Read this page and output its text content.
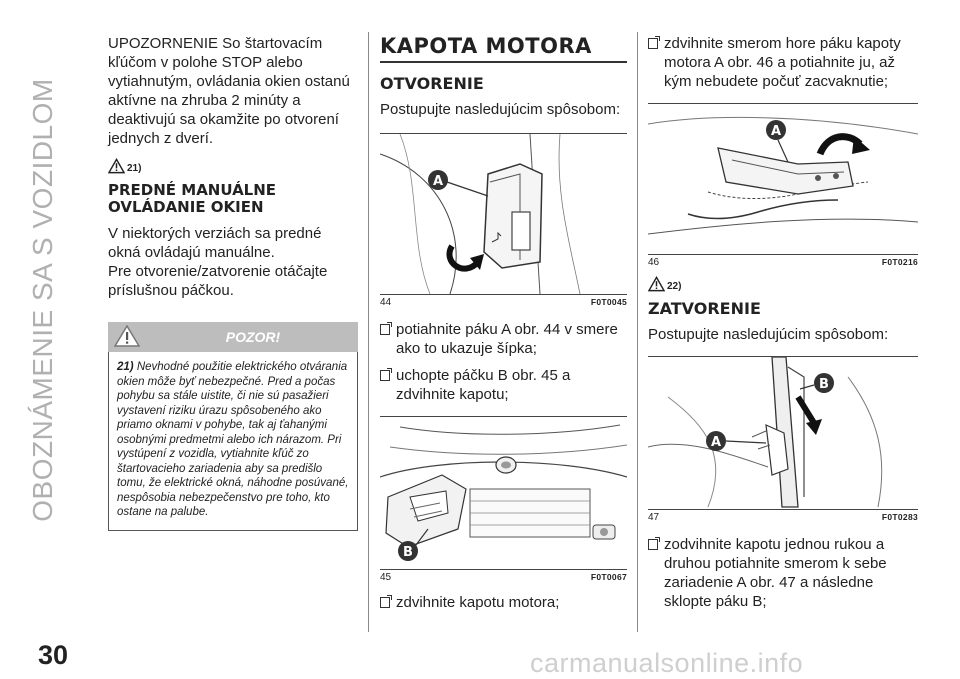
OBOZNÁMENIE SA S VOZIDLOM

UPOZORNENIE So štartovacím kľúčom v polohe STOP alebo vytiahnutým, ovládania okien ostanú aktívne na zhruba 2 minúty a deaktivujú sa okamžite po otvorení jednych z dverí.

21)
PREDNÉ MANUÁLNE OVLÁDANIE OKIEN

V niektorých verziách sa predné okná ovládajú manuálne.

Pre otvorenie/zatvorenie otáčajte príslušnou páčkou.

POZOR!
21) Nevhodné použitie elektrického otvárania okien môže byť nebezpečné. Pred a počas pohybu sa stále uistite, či nie sú pasažieri vystavení riziku úrazu spôsobeného ako priamo oknami v pohybe, tak aj ťahanými osobnými predmetmi alebo ich nárazom. Pri vystúpení z vozidla, vytiahnite kľúč zo štartovacieho zariadenia aby sa predišlo tomu, že elektrické okná, náhodne posúvané, nespôsobia nebezpečenstvo pre toho, kto ostane na palube.
KAPOTA MOTORA
OTVORENIE

Postupujte nasledujúcim spôsobom:

A
44	F0T0045
potiahnite páku A obr. 44 v smere ako to ukazuje šípka;
uchopte páčku B obr. 45 a zdvihnite kapotu;
B
45	F0T0067
zdvihnite kapotu motora;
zdvihnite smerom hore páku kapoty motora A obr. 46 a potiahnite ju, až kým nebudete počuť zacvaknutie;
A
46	F0T0216
22)
ZATVORENIE

Postupujte nasledujúcim spôsobom:

B
A
47	F0T0283
zodvihnite kapotu jednou rukou a druhou potiahnite smerom k sebe zariadenie A obr. 47 a následne sklopte páku B;
30	carmanualsonline.info
